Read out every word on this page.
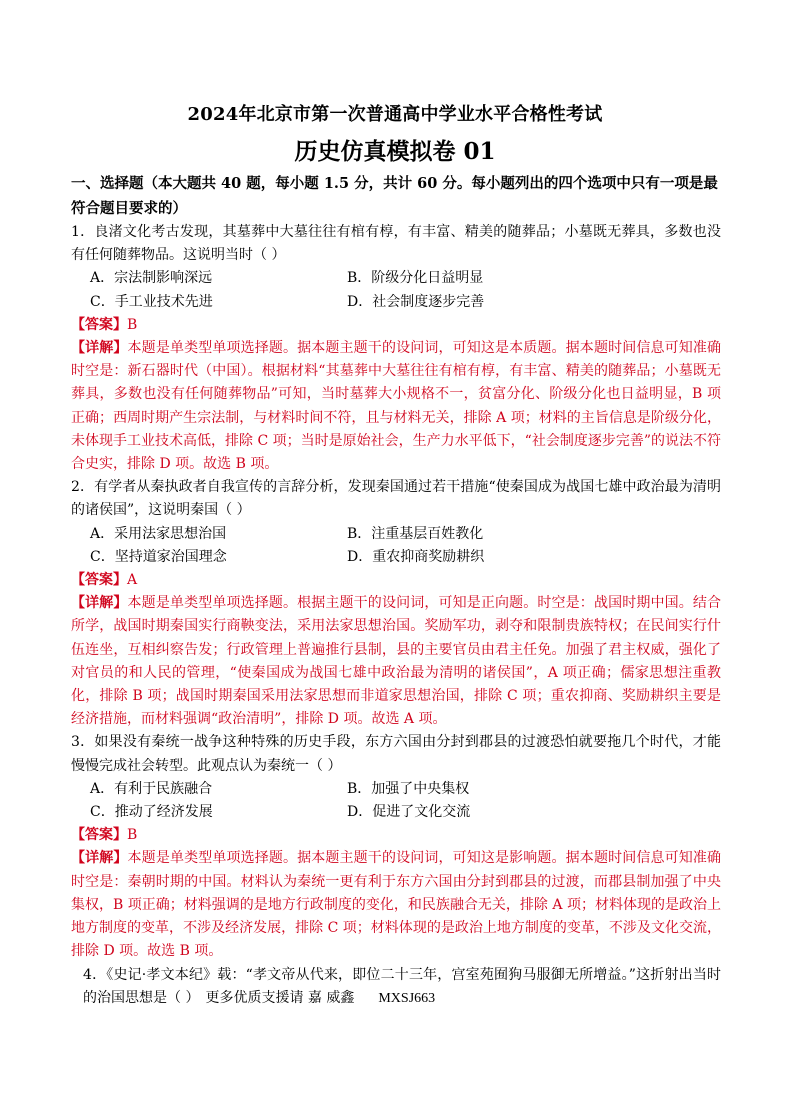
2024年北京市第一次普通高中学业水平合格性考试
历史仿真模拟卷 01

一、选择题（本大题共 40 题，每小题 1.5 分，共计 60 分。每小题列出的四个选项中只有一项是最符合题目要求的）

1．良渚文化考古发现，其墓葬中大墓往往有棺有椁，有丰富、精美的随葬品；小墓既无葬具，多数也没有任何随葬物品。这说明当时（ ）

A．宗法制影响深远	B．阶级分化日益明显
C．手工业技术先进	D．社会制度逐步完善

【答案】B

【详解】本题是单类型单项选择题。据本题主题干的设问词，可知这是本质题。据本题时间信息可知准确时空是：新石器时代（中国）。根据材料“其墓葬中大墓往往有棺有椁，有丰富、精美的随葬品；小墓既无葬具，多数也没有任何随葬物品”可知，当时墓葬大小规格不一，贫富分化、阶级分化也日益明显，B 项正确；西周时期产生宗法制，与材料时间不符，且与材料无关，排除 A 项；材料的主旨信息是阶级分化，未体现手工业技术高低，排除 C 项；当时是原始社会，生产力水平低下，“社会制度逐步完善”的说法不符合史实，排除 D 项。故选 B 项。

2．有学者从秦执政者自我宣传的言辞分析，发现秦国通过若干措施“使秦国成为战国七雄中政治最为清明的诸侯国”，这说明秦国（ ）

A．采用法家思想治国	B．注重基层百姓教化
C．坚持道家治国理念	D．重农抑商奖励耕织

【答案】A

【详解】本题是单类型单项选择题。根据主题干的设问词，可知是正向题。时空是：战国时期中国。结合所学，战国时期秦国实行商鞅变法，采用法家思想治国。奖励军功，剥夺和限制贵族特权；在民间实行什伍连坐，互相纠察告发；行政管理上普遍推行县制，县的主要官员由君主任免。加强了君主权威，强化了对官员的和人民的管理，“使秦国成为战国七雄中政治最为清明的诸侯国”，A 项正确；儒家思想注重教化，排除 B 项；战国时期秦国采用法家思想而非道家思想治国，排除 C 项；重农抑商、奖励耕织主要是经济措施，而材料强调“政治清明”，排除 D 项。故选 A 项。

3．如果没有秦统一战争这种特殊的历史手段，东方六国由分封到郡县的过渡恐怕就要拖几个时代，才能慢慢完成社会转型。此观点认为秦统一（ ）

A．有利于民族融合	B．加强了中央集权
C．推动了经济发展	D．促进了文化交流

【答案】B

【详解】本题是单类型单项选择题。据本题主题干的设问词，可知这是影响题。据本题时间信息可知准确时空是：秦朝时期的中国。材料认为秦统一更有利于东方六国由分封到郡县的过渡，而郡县制加强了中央集权，B 项正确；材料强调的是地方行政制度的变化，和民族融合无关，排除 A 项；材料体现的是政治上地方制度的变革，不涉及经济发展，排除 C 项；材料体现的是政治上地方制度的变革，不涉及文化交流，排除 D 项。故选 B 项。

4．《史记·孝文本纪》载：“孝文帝从代来，即位二十三年，宫室苑囿狗马服御无所增益。”这折射出当时的治国思想是（ ） 更多优质支援请 嘉 威鑫 MXSJ663
